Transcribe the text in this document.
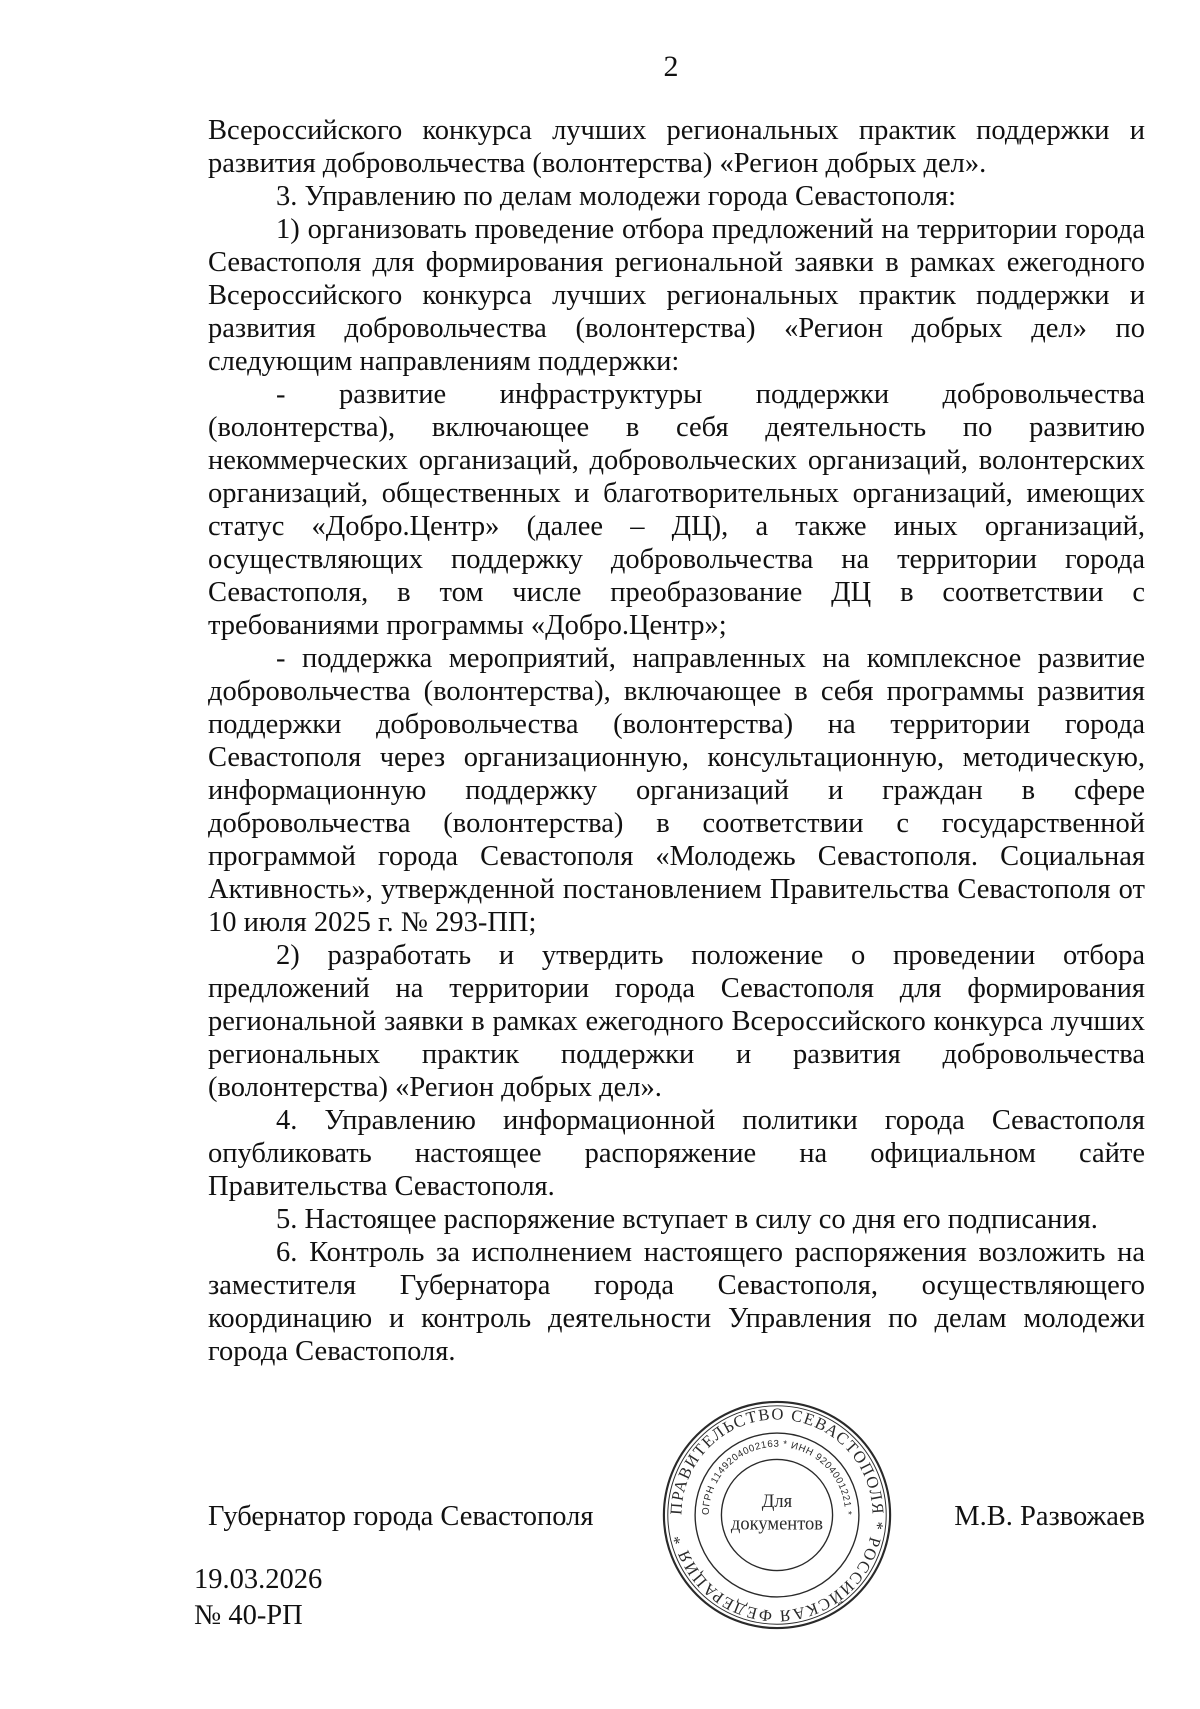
2

Всероссийского конкурса лучших региональных практик поддержки и развития добровольчества (волонтерства) «Регион добрых дел».

3. Управлению по делам молодежи города Севастополя:

1) организовать проведение отбора предложений на территории города Севастополя для формирования региональной заявки в рамках ежегодного Всероссийского конкурса лучших региональных практик поддержки и развития добровольчества (волонтерства) «Регион добрых дел» по следующим направлениям поддержки:

- развитие инфраструктуры поддержки добровольчества (волонтерства), включающее в себя деятельность по развитию некоммерческих организаций, добровольческих организаций, волонтерских организаций, общественных и благотворительных организаций, имеющих статус «Добро.Центр» (далее – ДЦ), а также иных организаций, осуществляющих поддержку добровольчества на территории города Севастополя, в том числе преобразование ДЦ в соответствии с требованиями программы «Добро.Центр»;

- поддержка мероприятий, направленных на комплексное развитие добровольчества (волонтерства), включающее в себя программы развития поддержки добровольчества (волонтерства) на территории города Севастополя через организационную, консультационную, методическую, информационную поддержку организаций и граждан в сфере добровольчества (волонтерства) в соответствии с государственной программой города Севастополя «Молодежь Севастополя. Социальная Активность», утвержденной постановлением Правительства Севастополя от 10 июля 2025 г. № 293-ПП;

2) разработать и утвердить положение о проведении отбора предложений на территории города Севастополя для формирования региональной заявки в рамках ежегодного Всероссийского конкурса лучших региональных практик поддержки и развития добровольчества (волонтерства) «Регион добрых дел».

4. Управлению информационной политики города Севастополя опубликовать настоящее распоряжение на официальном сайте Правительства Севастополя.

5. Настоящее распоряжение вступает в силу со дня его подписания.

6. Контроль за исполнением настоящего распоряжения возложить на заместителя Губернатора города Севастополя, осуществляющего координацию и контроль деятельности Управления по делам молодежи города Севастополя.

Губернатор города Севастополя	М.В. Развожаев
ПРАВИТЕЛЬСТВО СЕВАСТОПОЛЯ * РОССИЙСКАЯ ФЕДЕРАЦИЯ *
ОГРН 1149204002163 * ИНН 9204001221 *
Для
документов
19.03.2026
№ 40-РП
